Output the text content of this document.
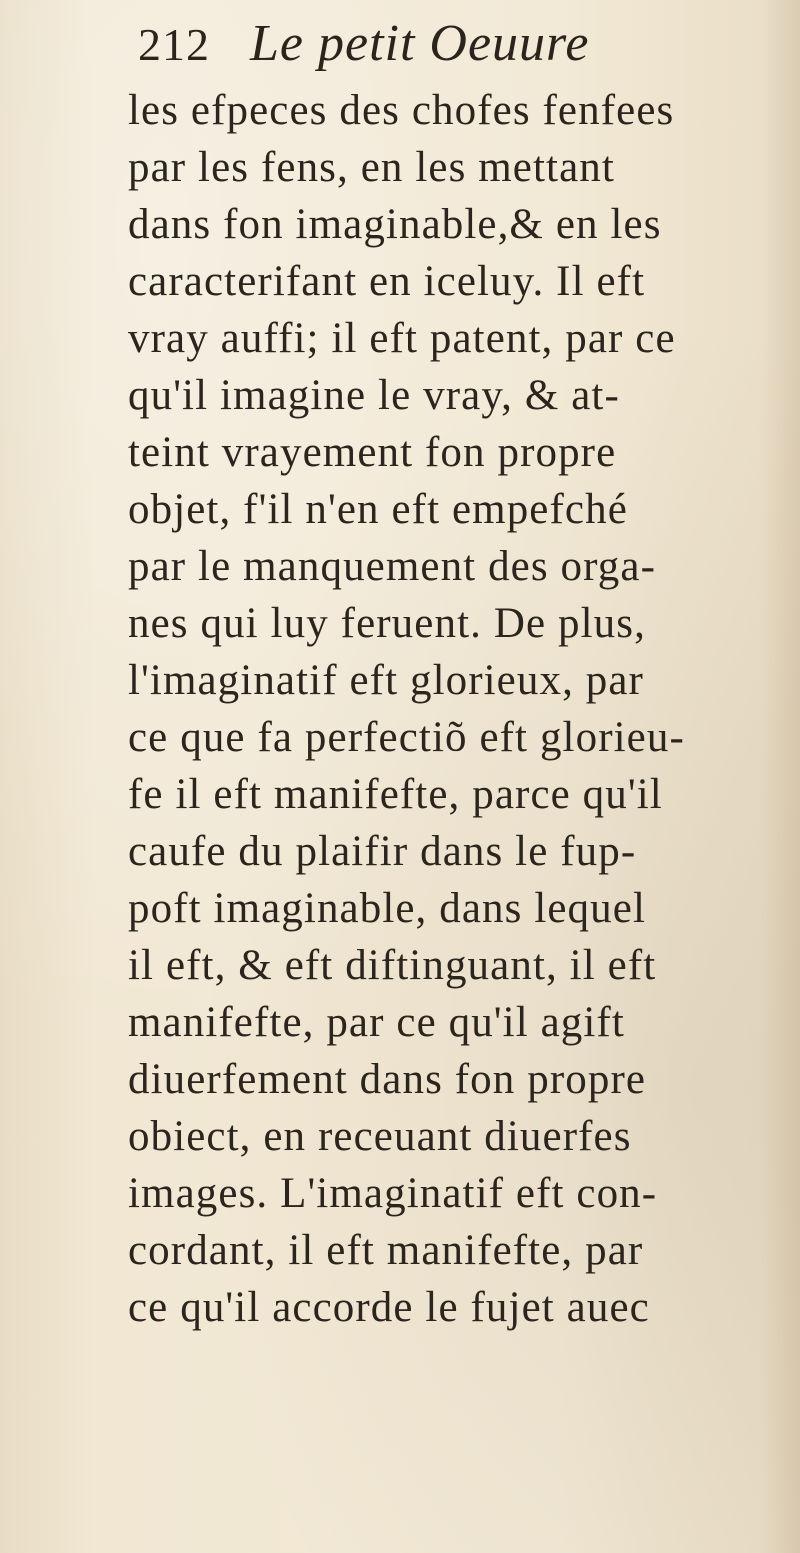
212 Le petit Oeuure
les efpeces des chofes fenfees
par les fens, en les mettant
dans fon imaginable,& en les
caracterifant en iceluy. Il eft
vray auffi; il eft patent, par ce
qu'il imagine le vray, & at-
teint vrayement fon propre
objet, f'il n'en eft empefché
par le manquement des orga-
nes qui luy feruent. De plus,
l'imaginatif eft glorieux, par
ce que fa perfectiõ eft glorieu-
fe il eft manifefte, parce qu'il
caufe du plaifir dans le fup-
poft imaginable, dans lequel
il eft, & eft diftinguant, il eft
manifefte, par ce qu'il agift
diuerfement dans fon propre
obiect, en receuant diuerfes
images. L'imaginatif eft con-
cordant, il eft manifefte, par
ce qu'il accorde le fujet auec
